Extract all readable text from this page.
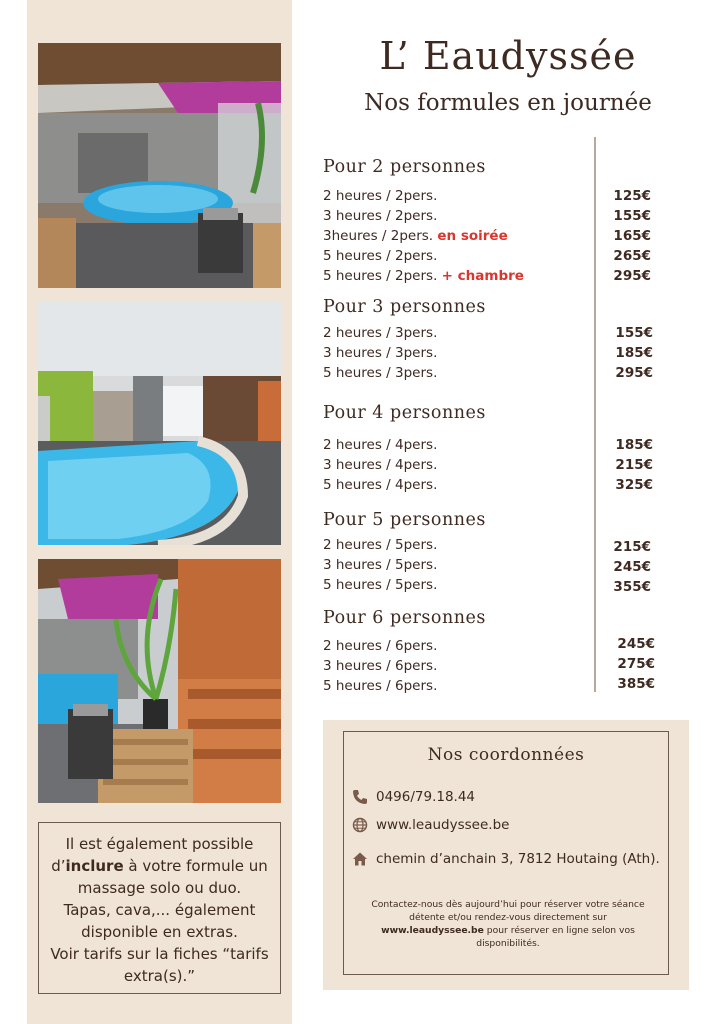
Il est également possible
d’inclure à votre formule un
massage solo ou duo.
Tapas, cava,... également
disponible en extras.
Voir tarifs sur la fiches “tarifs
extra(s).”
L’ Eaudyssée
Nos formules en journée
Pour 2 personnes
2 heures / 2pers.	125€
3 heures / 2pers.	155€
3heures / 2pers. en soirée	165€
5 heures / 2pers.	265€
5 heures / 2pers. + chambre	295€
Pour 3 personnes
2 heures / 3pers.	155€
3 heures / 3pers.	185€
5 heures / 3pers.	295€
Pour 4 personnes
2 heures / 4pers.	185€
3 heures / 4pers.	215€
5 heures / 4pers.	325€
Pour 5 personnes
2 heures / 5pers.	215€
3 heures / 5pers.	245€
5 heures / 5pers.	355€
Pour 6 personnes
2 heures / 6pers.	245€
3 heures / 6pers.	275€
5 heures / 6pers.	385€
Nos coordonnées
0496/79.18.44
www.leaudyssee.be
chemin d’anchain 3, 7812 Houtaing (Ath).
Contactez-nous dès aujourd’hui pour réserver votre séance
détente et/ou rendez-vous directement sur
www.leaudyssee.be pour réserver en ligne selon vos
disponibilités.
